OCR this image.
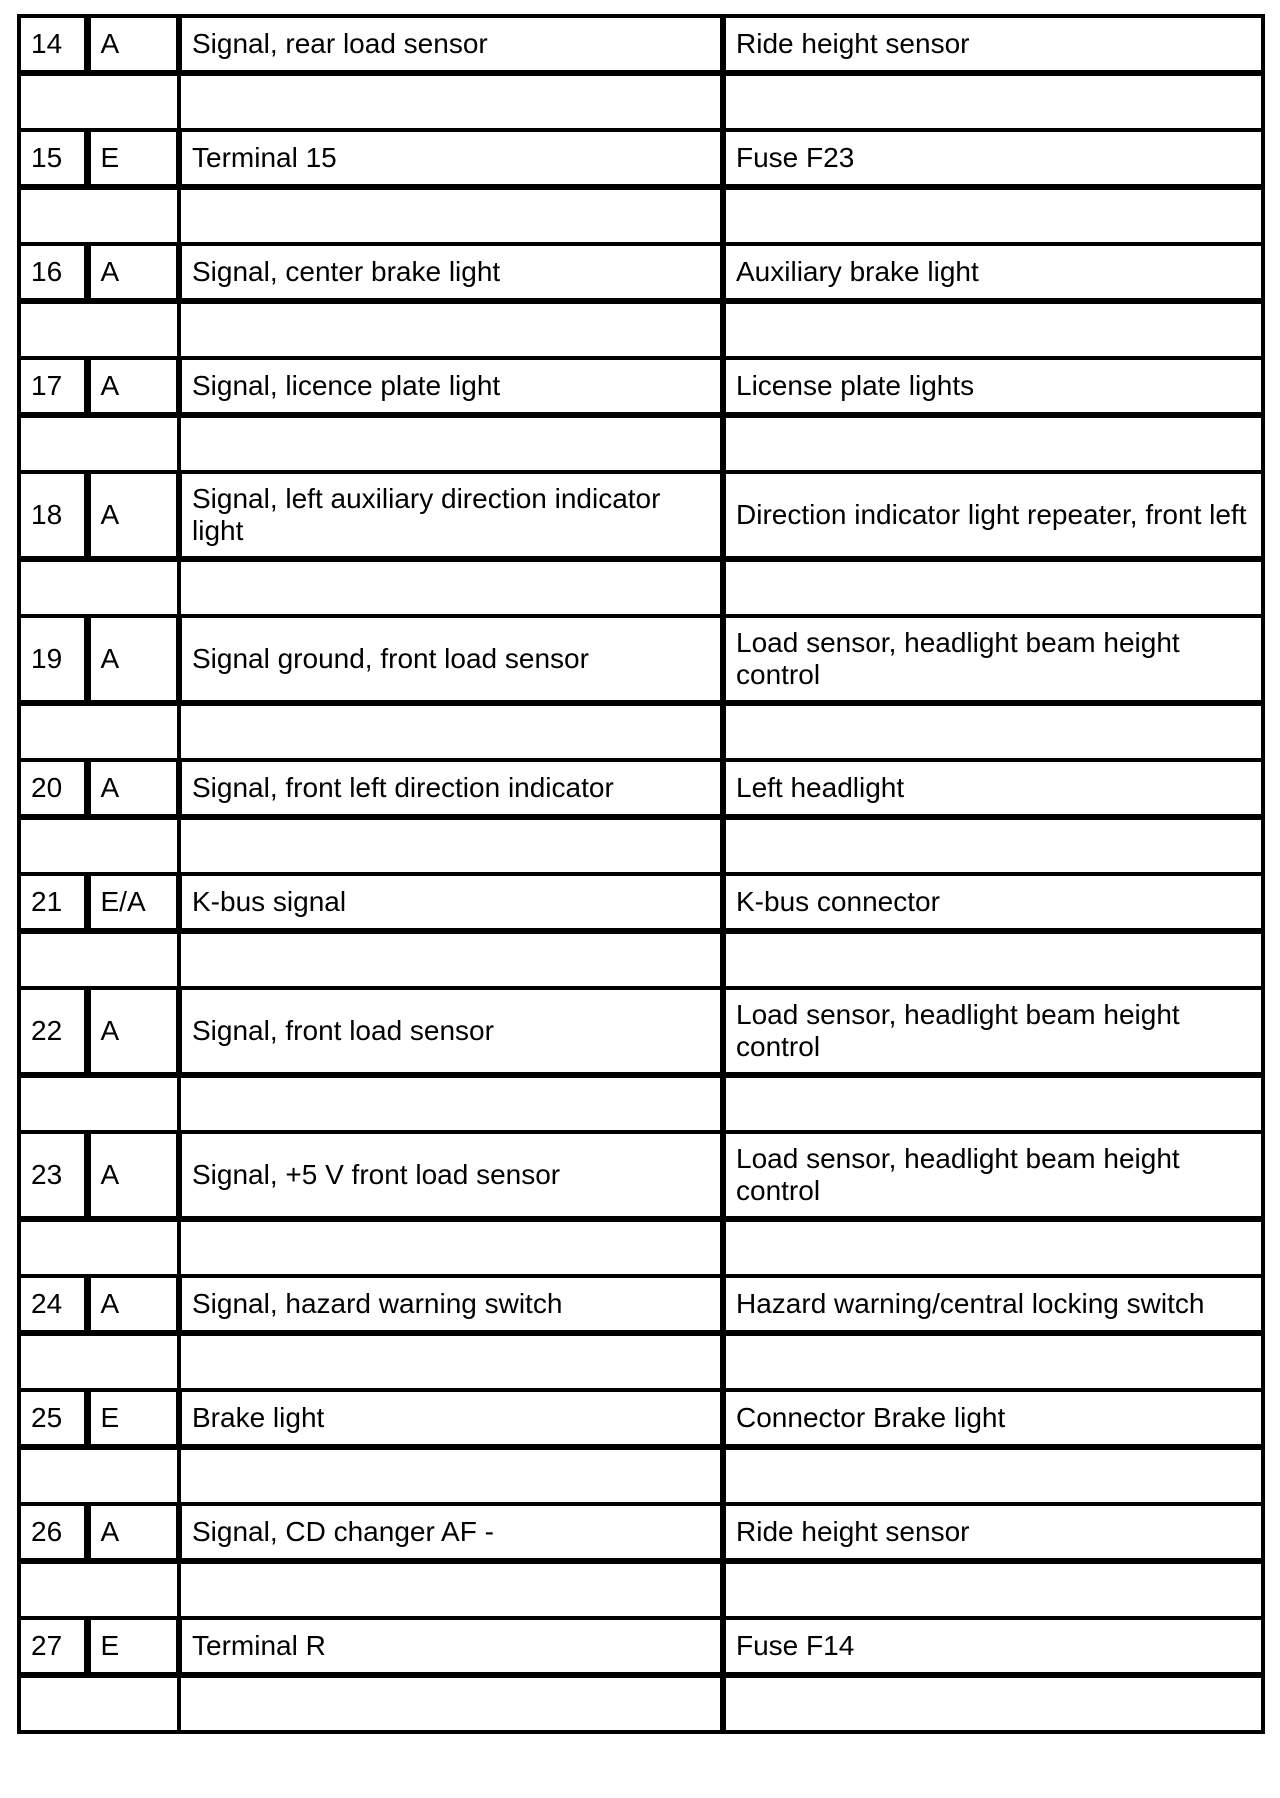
14	A	Signal, rear load sensor	Ride height sensor

15	E	Terminal 15	Fuse F23

16	A	Signal, center brake light	Auxiliary brake light

17	A	Signal, licence plate light	License plate lights

18	A	Signal, left auxiliary direction indicator light	Direction indicator light repeater, front left

19	A	Signal ground, front load sensor	Load sensor, headlight beam height control

20	A	Signal, front left direction indicator	Left headlight

21	E/A	K-bus signal	K-bus connector

22	A	Signal, front load sensor	Load sensor, headlight beam height control

23	A	Signal, +5 V front load sensor	Load sensor, headlight beam height control

24	A	Signal, hazard warning switch	Hazard warning/central locking switch

25	E	Brake light	Connector Brake light

26	A	Signal, CD changer AF -	Ride height sensor

27	E	Terminal R	Fuse F14
